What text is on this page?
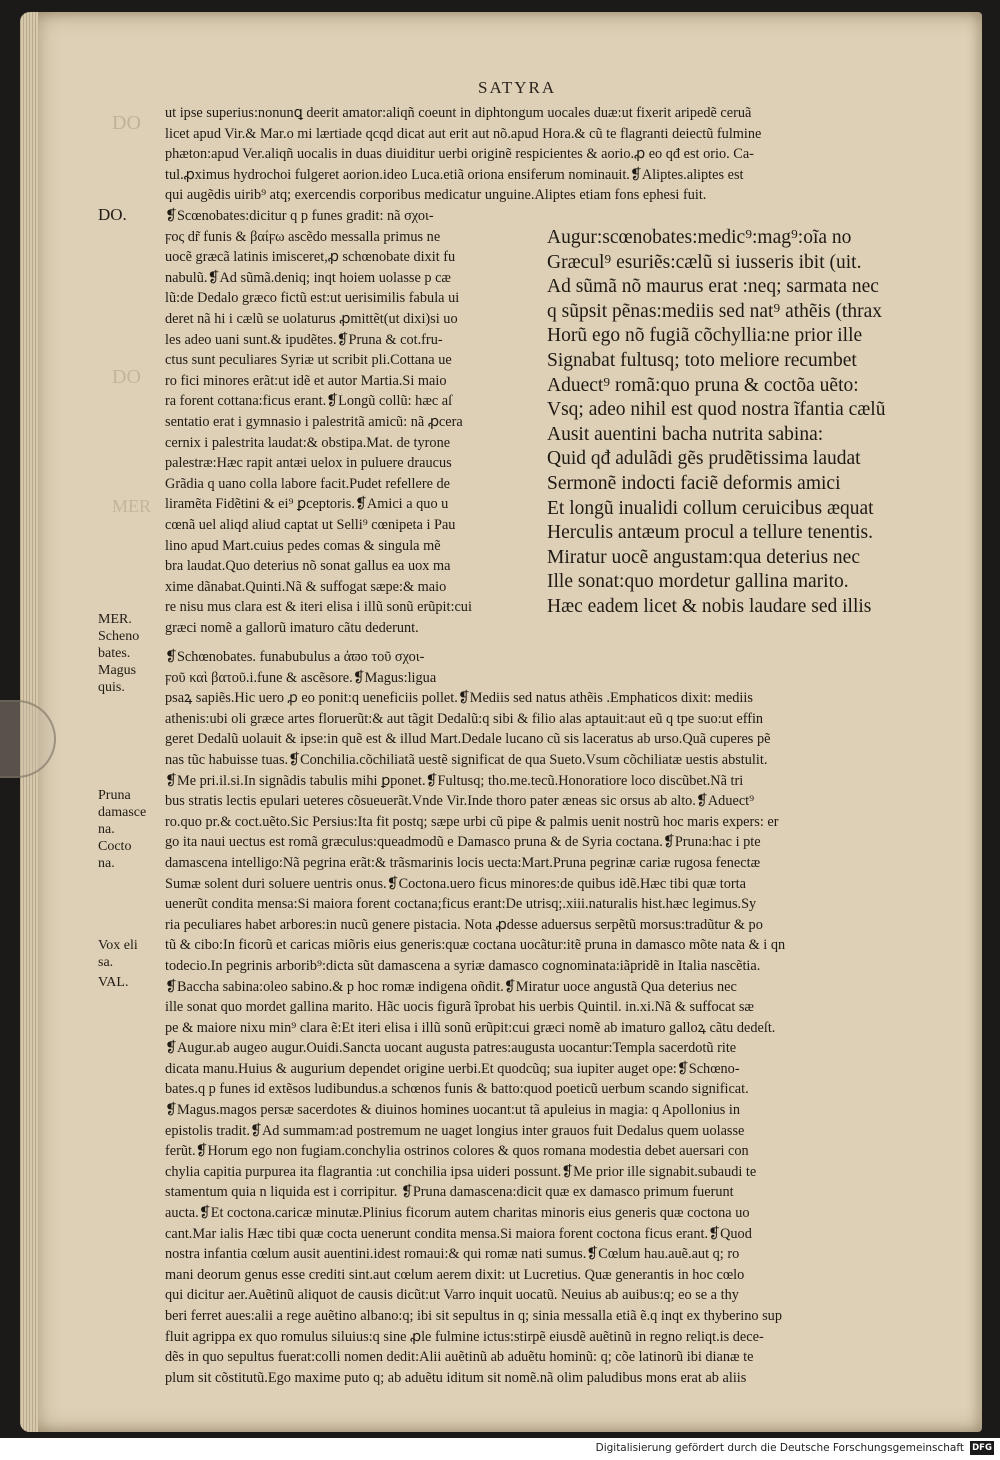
DO
DO
MER
SATYRA
ut ipse superius:nonunꝗ deerit amator:aliqñ coeunt in diphtongum uocales duæ:ut fixerit aripedẽ ceruã
licet apud Vir.& Mar.o mi lærtiade qcqd dicat aut erit aut nõ.apud Hora.& cũ te flagranti deiectũ fulmine
phæton:apud Ver.aliqñ uocalis in duas diuiditur uerbi originẽ respicientes & aorio.ꝓ eo qđ est orio. Ca-
tul.ꝓximus hydrochoi fulgeret aorion.ideo Luca.etiã oriona ensiferum nominauit.❡Aliptes.aliptes est
qui augẽdis uirib⁹ atq; exercendis corporibus medicatur unguine.Aliptes etiam fons ephesi fuit.
❡Scœnobates:dicitur q p funes gradit: nã σχοι-
ϝος dr̃ funis & βαίϝω ascẽdo messalla primus ne
uocẽ græcã latinis imisceret,ꝓ schœnobate dixit fu
nabulũ.❡Ad sũmã.deniq; inqt hoiem uolasse p cæ
lũ:de Dedalo græco fictũ est:ut uerisimilis fabula ui
deret nã hi i cælũ se uolaturus ꝓmittẽt(ut dixi)si uo
les adeo uani sunt.& ipudẽtes.❡Pruna & cot.fru-
ctus sunt peculiares Syriæ ut scribit pli.Cottana ue
ro fici minores erãt:ut idẽ et autor Martia.Si maio
ra forent cottana:ficus erant.❡Longũ collũ: hæc aſ
sentatio erat i gymnasio i palestritã amicũ: nã ꝓcera
cernix i palestrita laudat:& obstipa.Mat. de tyrone
palestræ:Hæc rapit antæi uelox in puluere draucus
Grãdia q uano colla labore facit.Pudet refellere de
liramẽta Fidẽtini & ei⁹ ꝑceptoris.❡Amici a quo u
cœnã uel aliqd aliud captat ut Selli⁹ cœnipeta i Pau
lino apud Mart.cuius pedes comas & singula mẽ
bra laudat.Quo deterius nõ sonat gallus ea uox ma
xime dãnabat.Quinti.Nã & suffogat sæpe:& maio
re nisu mus clara est & iteri elisa i illũ sonũ erũpit:cui
græci nomẽ a gallorũ imaturo cãtu dederunt.
Augur:scœnobates:medic⁹:mag⁹:oĩa no
Græcul⁹ esuriẽs:cælũ si iusseris ibit (uit.
Ad sũmã nõ maurus erat :neq; sarmata nec
q sũpsit pẽnas:mediis sed nat⁹ athẽis (thrax
Horũ ego nõ fugiã cõchyllia:ne prior ille
Signabat fultusq; toto meliore recumbet
Aduect⁹ romã:quo pruna & coctõa uẽto:
Vsq; adeo nihil est quod nostra ĩfantia cælũ
Ausit auentini bacha nutrita sabina:
Quid qđ adulãdi gẽs prudẽtissima laudat
Sermonẽ indocti faciẽ deformis amici
Et longũ inualidi collum ceruicibus æquat
Herculis antæum procul a tellure tenentis.
Miratur uocẽ angustam:qua deterius nec
Ille sonat:quo mordetur gallina marito.
Hæc eadem licet & nobis laudare sed illis
❡Schœnobates. funabubulus a ἀϖο τοῦ σχοι-
ϝοῦ καὶ βατοῦ.i.fune & ascẽsore.❡Magus:ligua
psaꝝ sapiẽs.Hic uero ꝓ eo ponit:q ueneficiis pollet.❡Mediis sed natus athẽis .Emphaticos dixit: mediis
athenis:ubi oli græce artes floruerũt:& aut tãgit Dedalũ:q sibi & filio alas aptauit:aut eũ q tpe suo:ut effin
geret Dedalũ uolauit & ipse:in quẽ est & illud Mart.Dedale lucano cũ sis laceratus ab urso.Quã cuperes pẽ
nas tũc habuisse tuas.❡Conchilia.cõchiliatã uestẽ significat de qua Sueto.Vsum cõchiliatæ uestis abstulit.
❡Me pri.il.si.In signãdis tabulis mihi ꝑponet.❡Fultusq; tho.me.tecũ.Honoratiore loco discũbet.Nã tri
bus stratis lectis epulari ueteres cõsueuerãt.Vnde Vir.Inde thoro pater æneas sic orsus ab alto.❡Aduect⁹
ro.quo pr.& coct.uẽto.Sic Persius:Ita fit postq; sæpe urbi cũ pipe & palmis uenit nostrũ hoc maris expers: er
go ita naui uectus est romã græculus:queadmodũ e Damasco pruna & de Syria coctana.❡Pruna:hac i pte
damascena intelligo:Nã pegrina erãt:& trãsmarinis locis uecta:Mart.Pruna pegrinæ cariæ rugosa fenectæ
Sumæ solent duri soluere uentris onus.❡Coctona.uero ficus minores:de quibus idẽ.Hæc tibi quæ torta
uenerũt condita mensa:Si maiora forent coctana;ficus erant:De utrisq;.xiii.naturalis hist.hæc legimus.Sy
ria peculiares habet arbores:in nucũ genere pistacia. Nota ꝓdesse aduersus serpẽtũ morsus:tradũtur & po
tũ & cibo:In ficorũ et caricas miõris eius generis:quæ coctana uocãtur:itẽ pruna in damasco mõte nata & i qn
todecio.In pegrinis arborib⁹:dicta sũt damascena a syriæ damasco cognominata:iãpridẽ in Italia nascẽtia.
❡Baccha sabina:oleo sabino.& p hoc romæ indigena oñdit.❡Miratur uoce angustã Qua deterius nec
ille sonat quo mordet gallina marito. Hãc uocis figurã ĩprobat his uerbis Quintil. in.xi.Nã & suffocat sæ
pe & maiore nixu min⁹ clara ẽ:Et iteri elisa i illũ sonũ erũpit:cui græci nomẽ ab imaturo galloꝝ cãtu dedeſt.
❡Augur.ab augeo augur.Ouidi.Sancta uocant augusta patres:augusta uocantur:Templa sacerdotũ rite
dicata manu.Huius & augurium dependet origine uerbi.Et quodcũq; sua iupiter auget ope:❡Schœno-
bates.q p funes id extẽsos ludibundus.a schœnos funis & batto:quod poeticũ uerbum scando significat.
❡Magus.magos persæ sacerdotes & diuinos homines uocant:ut tã apuleius in magia: q Apollonius in
epistolis tradit.❡Ad summam:ad postremum ne uaget longius inter grauos fuit Dedalus quem uolasse
ferũt.❡Horum ego non fugiam.conchylia ostrinos colores & quos romana modestia debet auersari con
chylia capitia purpurea ita flagrantia :ut conchilia ipsa uideri possunt.❡Me prior ille signabit.subaudi te
stamentum quia n liquida est i corripitur. ❡Pruna damascena:dicit quæ ex damasco primum fuerunt
aucta.❡Et coctona.caricæ minutæ.Plinius ficorum autem charitas minoris eius generis quæ coctona uo
cant.Mar ialis Hæc tibi quæ cocta uenerunt condita mensa.Si maiora forent coctona ficus erant.❡Quod
nostra infantia cœlum ausit auentini.idest romaui:& qui romæ nati sumus.❡Cœlum hau.auẽ.aut q; ro
mani deorum genus esse crediti sint.aut cœlum aerem dixit: ut Lucretius. Quæ generantis in hoc cœlo
qui dicitur aer.Auẽtinũ aliquot de causis dicũt:ut Varro inquit uocatũ. Neuius ab auibus:q; eo se a thy
beri ferret aues:alii a rege auẽtino albano:q; ibi sit sepultus in q; sinia messalla etiã ẽ.q inqt ex thyberino sup
fluit agrippa ex quo romulus siluius:q sine ꝓle fulmine ictus:stirpẽ eiusdẽ auẽtinũ in regno reliqt.is dece-
dẽs in quo sepultus fuerat:colli nomen dedit:Alii auẽtinũ ab aduẽtu hominũ: q; cõe latinorũ ibi dianæ te
plum sit cõstitutũ.Ego maxime puto q; ab aduẽtu iditum sit nomẽ.nã olim paludibus mons erat ab aliis
DO.
MER.
Scheno
bates.
Magus
quis.
Pruna
damasce
na.
Cocto
na.
Vox eli
sa.
VAL.
Digitalisierung gefördert durch die Deutsche Forschungsgemeinschaft DFG
